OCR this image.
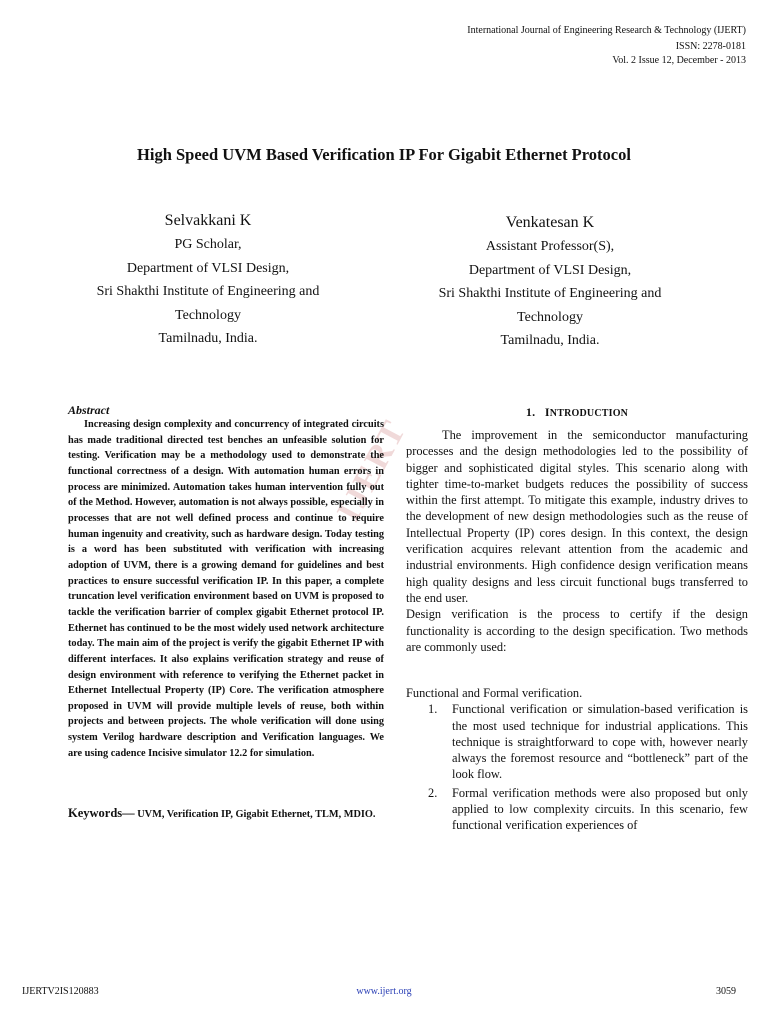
International Journal of Engineering Research & Technology (IJERT)
ISSN: 2278-0181
Vol. 2 Issue 12, December - 2013
High Speed UVM Based Verification IP For Gigabit Ethernet Protocol
Selvakkani K
PG Scholar,
Department of VLSI Design,
Sri Shakthi Institute of Engineering and
Technology
Tamilnadu, India.
Venkatesan K
Assistant Professor(S),
Department of VLSI Design,
Sri Shakthi Institute of Engineering and
Technology
Tamilnadu, India.
IJERT
Abstract

Increasing design complexity and concurrency of integrated circuits has made traditional directed test benches an unfeasible solution for testing. Verification may be a methodology used to demonstrate the functional correctness of a design. With automation human errors in process are minimized. Automation takes human intervention fully out of the Method. However, automation is not always possible, especially in processes that are not well defined process and continue to require human ingenuity and creativity, such as hardware design. Today testing is a word has been substituted with verification with increasing adoption of UVM, there is a growing demand for guidelines and best practices to ensure successful verification IP. In this paper, a complete truncation level verification environment based on UVM is proposed to tackle the verification barrier of complex gigabit Ethernet protocol IP. Ethernet has continued to be the most widely used network architecture today. The main aim of the project is verify the gigabit Ethernet IP with different interfaces. It also explains verification strategy and reuse of design environment with reference to verifying the Ethernet packet in Ethernet Intellectual Property (IP) Core. The verification atmosphere proposed in UVM will provide multiple levels of reuse, both within projects and between projects. The whole verification will done using system Verilog hardware description and Verification languages. We are using cadence Incisive simulator 12.2 for simulation.

Keywords— UVM, Verification IP, Gigabit Ethernet, TLM, MDIO.
1. INTRODUCTION

The improvement in the semiconductor manufacturing processes and the design methodologies led to the possibility of bigger and sophisticated digital styles. This scenario along with tighter time-to-market budgets reduces the possibility of success within the first attempt. To mitigate this example, industry drives to the development of new design methodologies such as the reuse of Intellectual Property (IP) cores design. In this context, the design verification acquires relevant attention from the academic and industrial environments. High confidence design verification means high quality designs and less circuit functional bugs transferred to the end user.

Design verification is the process to certify if the design functionality is according to the design specification. Two methods are commonly used:

Functional and Formal verification.

1. Functional verification or simulation-based verification is the most used technique for industrial applications. This technique is straightforward to cope with, however nearly always the foremost resource and “bottleneck” part of the look flow.
2. Formal verification methods were also proposed but only applied to low complexity circuits. In this scenario, few functional verification experiences of
IJERTV2IS120883	www.ijert.org	3059
